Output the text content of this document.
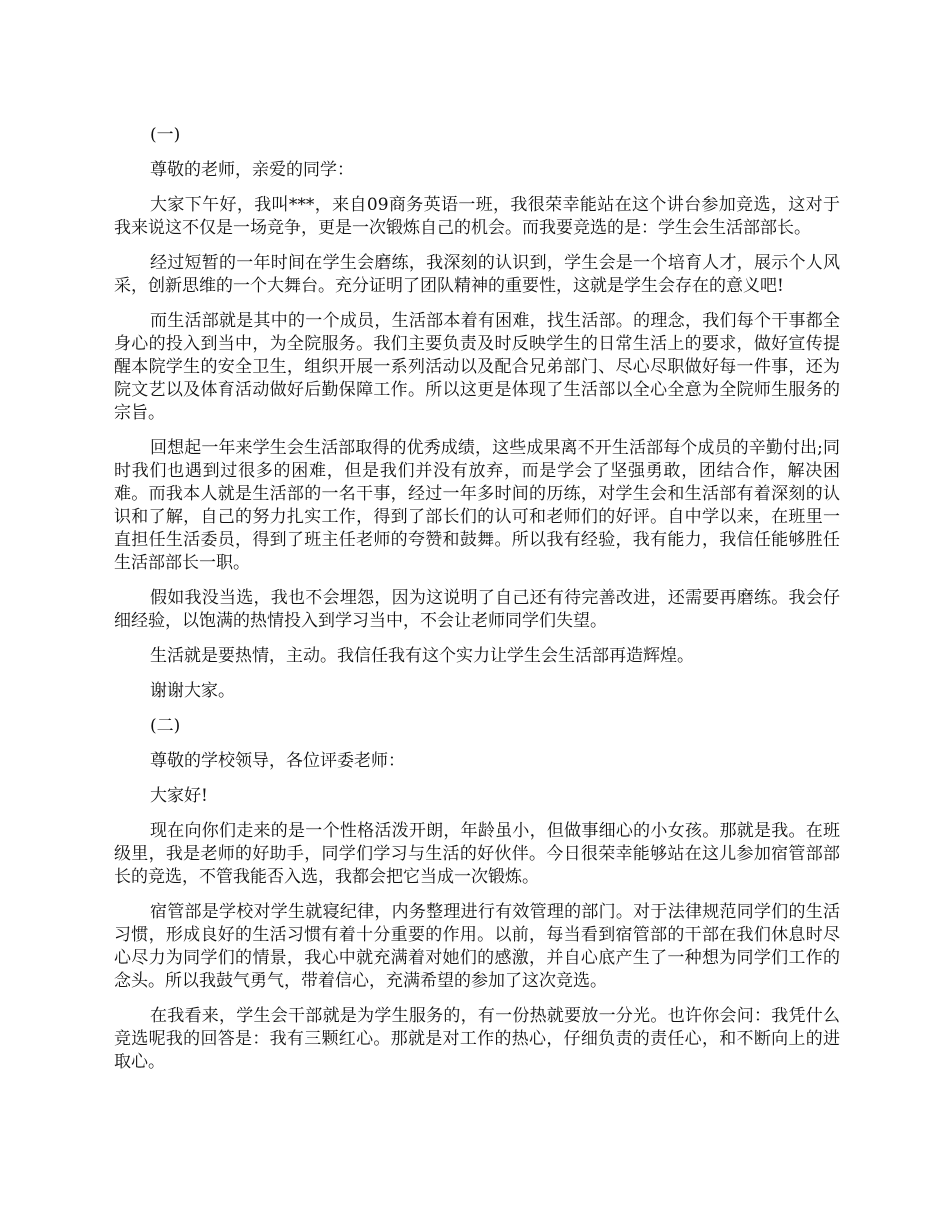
(一)

尊敬的老师，亲爱的同学：

大家下午好，我叫***，来自09商务英语一班，我很荣幸能站在这个讲台参加竞选，这对于我来说这不仅是一场竞争，更是一次锻炼自己的机会。而我要竞选的是：学生会生活部部长。

经过短暂的一年时间在学生会磨练，我深刻的认识到，学生会是一个培育人才，展示个人风采，创新思维的一个大舞台。充分证明了团队精神的重要性，这就是学生会存在的意义吧!

而生活部就是其中的一个成员，生活部本着有困难，找生活部。的理念，我们每个干事都全身心的投入到当中，为全院服务。我们主要负责及时反映学生的日常生活上的要求，做好宣传提醒本院学生的安全卫生，组织开展一系列活动以及配合兄弟部门、尽心尽职做好每一件事，还为院文艺以及体育活动做好后勤保障工作。所以这更是体现了生活部以全心全意为全院师生服务的宗旨。

回想起一年来学生会生活部取得的优秀成绩，这些成果离不开生活部每个成员的辛勤付出;同时我们也遇到过很多的困难，但是我们并没有放弃，而是学会了坚强勇敢，团结合作，解决困难。而我本人就是生活部的一名干事，经过一年多时间的历练，对学生会和生活部有着深刻的认识和了解，自己的努力扎实工作，得到了部长们的认可和老师们的好评。自中学以来，在班里一直担任生活委员，得到了班主任老师的夸赞和鼓舞。所以我有经验，我有能力，我信任能够胜任生活部部长一职。

假如我没当选，我也不会埋怨，因为这说明了自己还有待完善改进，还需要再磨练。我会仔细经验，以饱满的热情投入到学习当中，不会让老师同学们失望。

生活就是要热情，主动。我信任我有这个实力让学生会生活部再造辉煌。

谢谢大家。

(二)

尊敬的学校领导，各位评委老师：

大家好!

现在向你们走来的是一个性格活泼开朗，年龄虽小，但做事细心的小女孩。那就是我。在班级里，我是老师的好助手，同学们学习与生活的好伙伴。今日很荣幸能够站在这儿参加宿管部部长的竞选，不管我能否入选，我都会把它当成一次锻炼。

宿管部是学校对学生就寝纪律，内务整理进行有效管理的部门。对于法律规范同学们的生活习惯，形成良好的生活习惯有着十分重要的作用。以前，每当看到宿管部的干部在我们休息时尽心尽力为同学们的情景，我心中就充满着对她们的感激，并自心底产生了一种想为同学们工作的念头。所以我鼓气勇气，带着信心，充满希望的参加了这次竞选。

在我看来，学生会干部就是为学生服务的，有一份热就要放一分光。也许你会问：我凭什么竞选呢我的回答是：我有三颗红心。那就是对工作的热心，仔细负责的责任心，和不断向上的进取心。
